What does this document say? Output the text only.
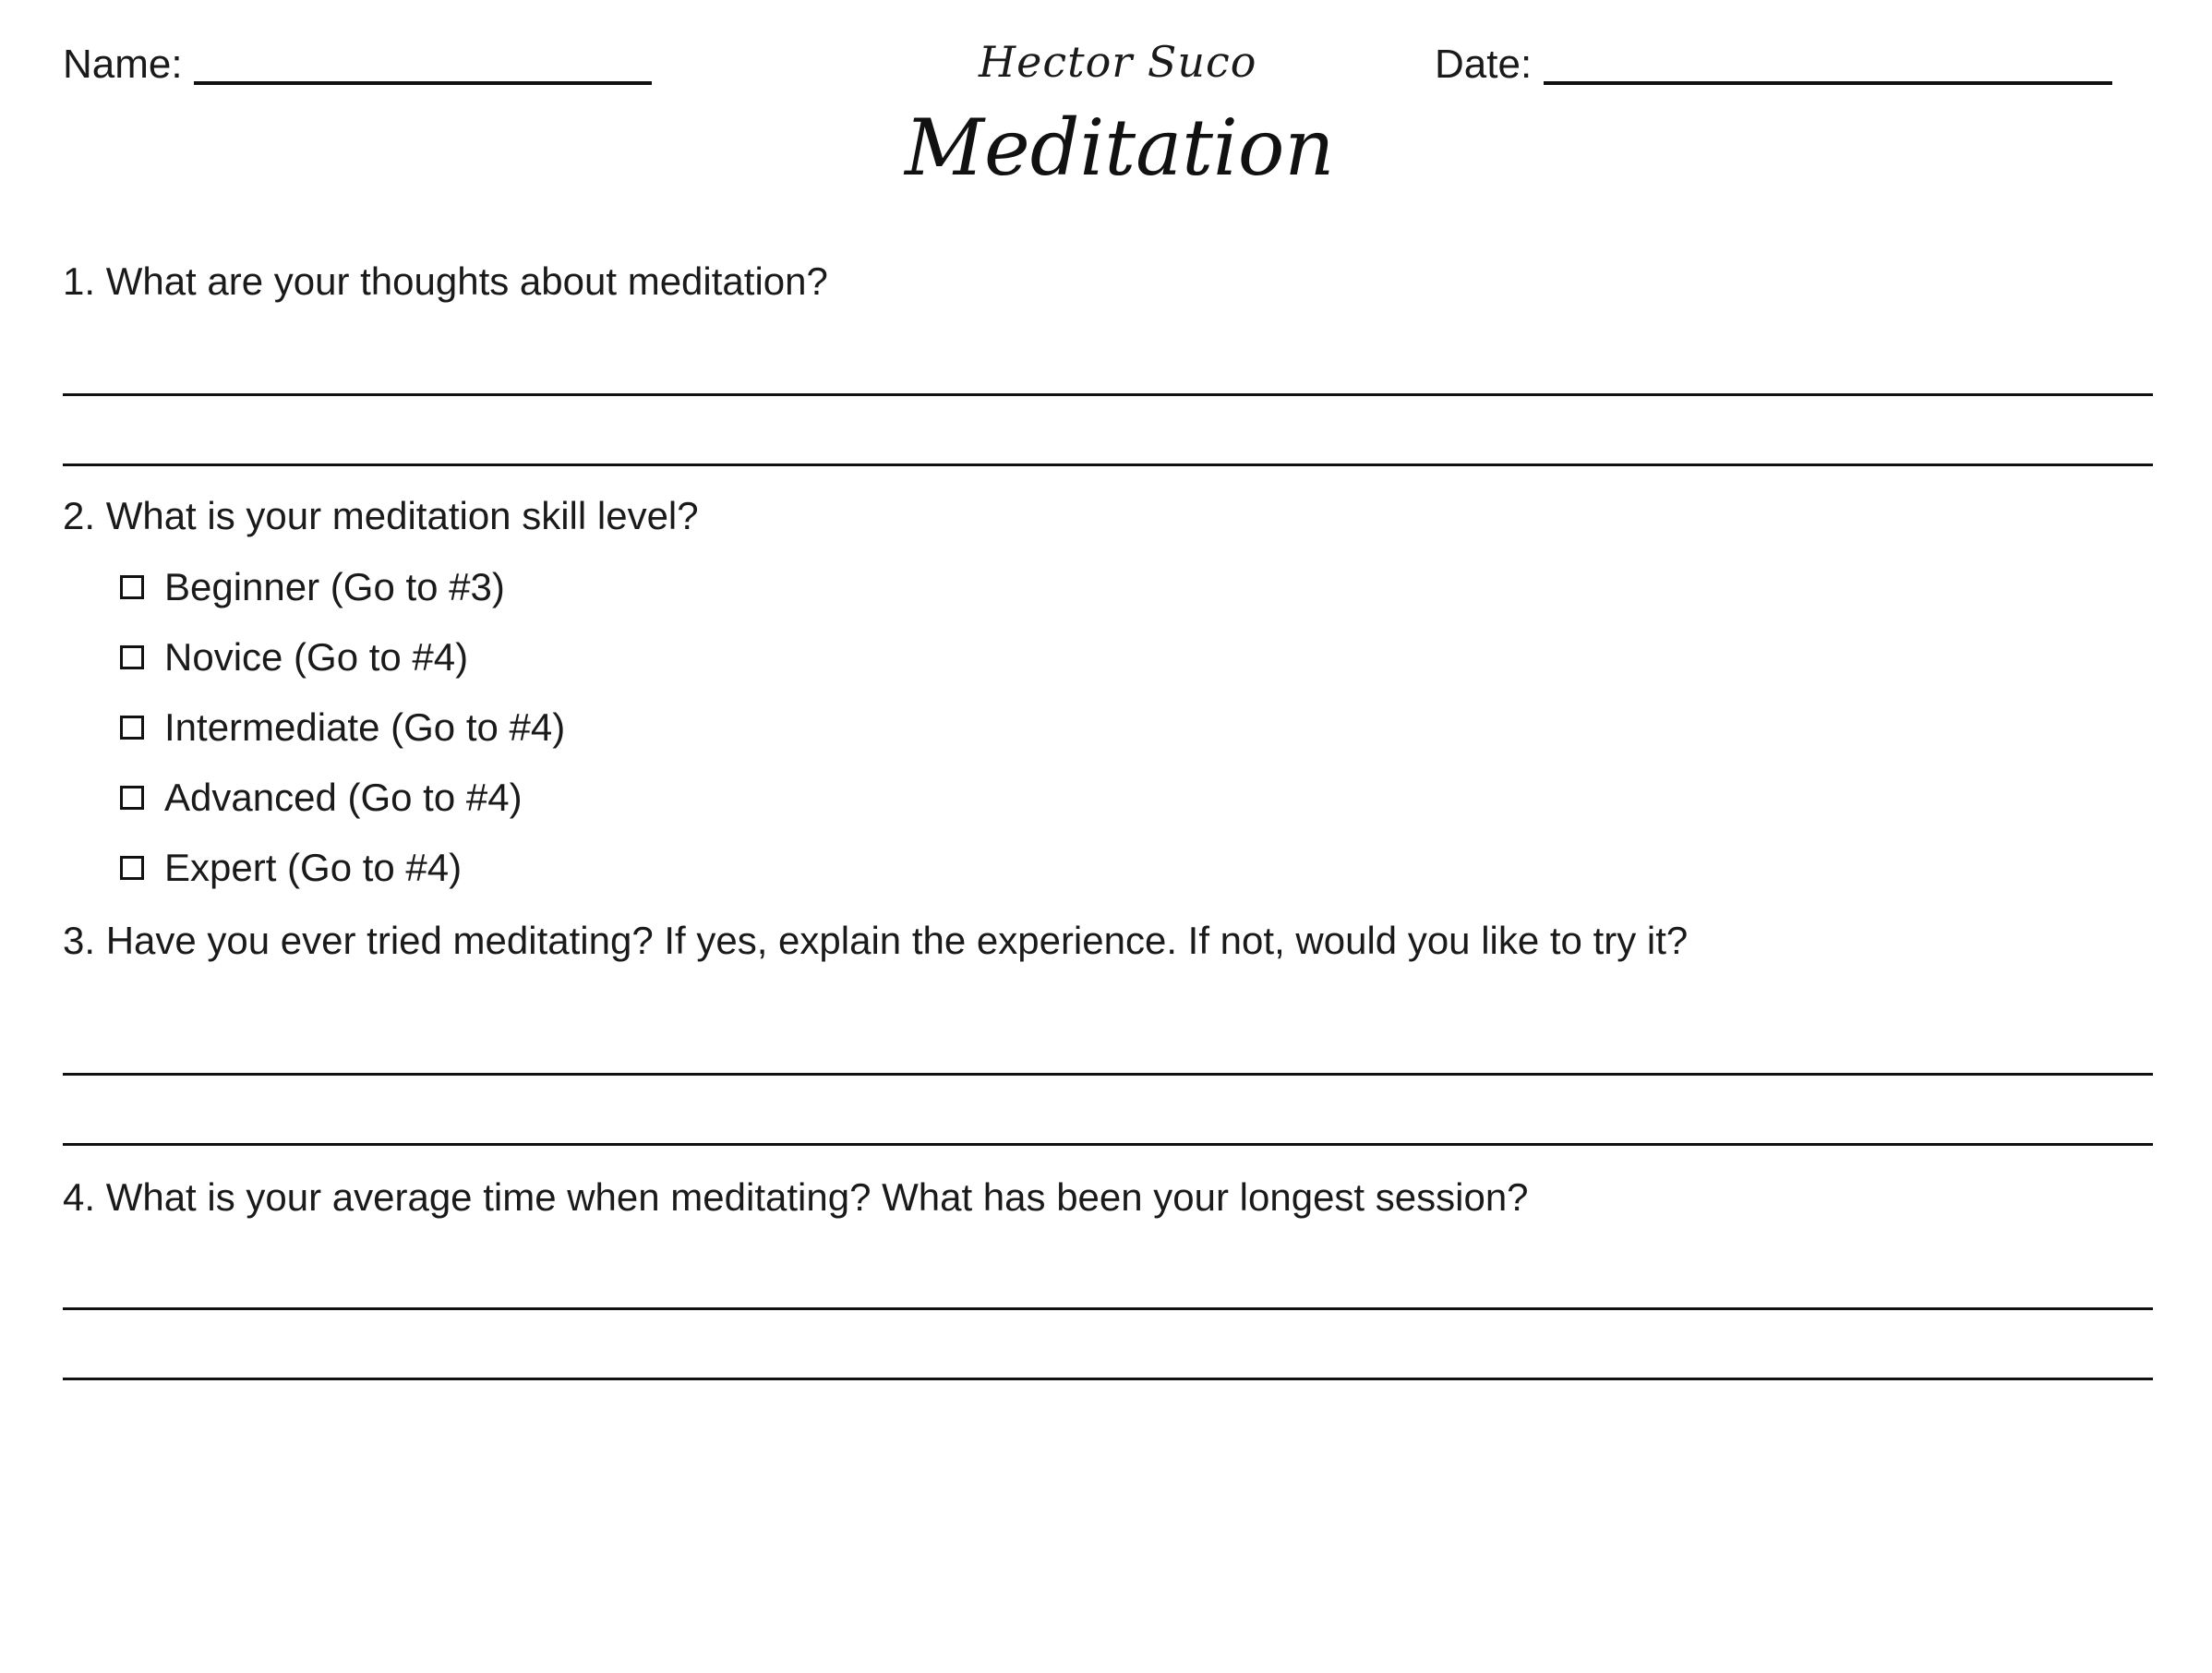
Name:	Hector Suco	Date:
Meditation
1. What are your thoughts about meditation?
2. What is your meditation skill level?
Beginner (Go to #3)
Novice (Go to #4)
Intermediate (Go to #4)
Advanced (Go to #4)
Expert (Go to #4)
3. Have you ever tried meditating? If yes, explain the experience. If not, would you like to try it?
4. What is your average time when meditating? What has been your longest session?
